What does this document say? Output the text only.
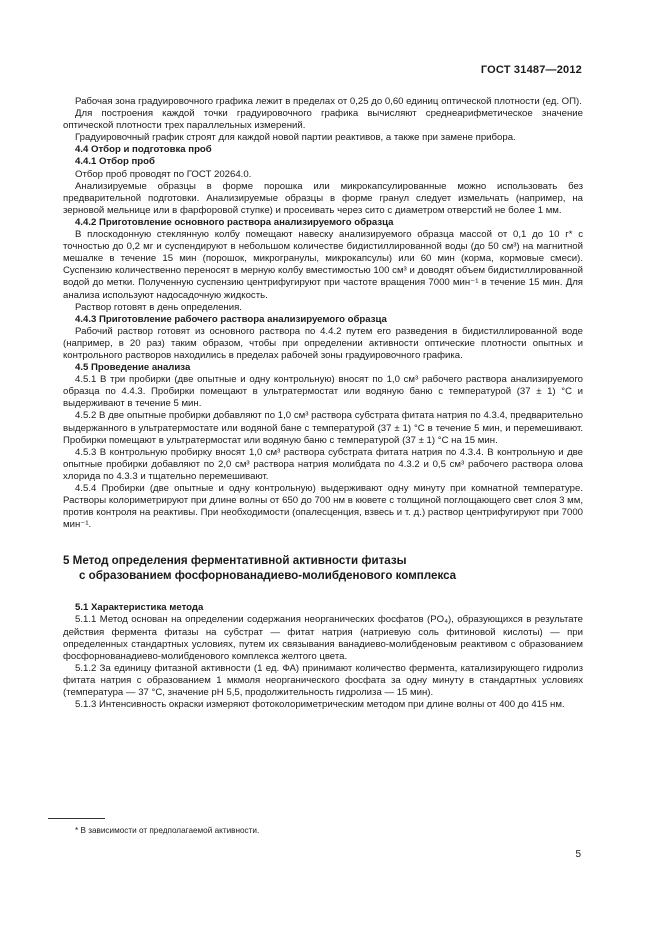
ГОСТ 31487—2012

Рабочая зона градуировочного графика лежит в пределах от 0,25 до 0,60 единиц оптической плотности (ед. ОП).

Для построения каждой точки градуировочного графика вычисляют среднеарифметическое значение оптической плотности трех параллельных измерений.

Градуировочный график строят для каждой новой партии реактивов, а также при замене прибора.

4.4 Отбор и подготовка проб

4.4.1 Отбор проб

Отбор проб проводят по ГОСТ 20264.0.

Анализируемые образцы в форме порошка или микрокапсулированные можно использовать без предварительной подготовки. Анализируемые образцы в форме гранул следует измельчать (например, на зерновой мельнице или в фарфоровой ступке) и просеивать через сито с диаметром отверстий не более 1 мм.

4.4.2 Приготовление основного раствора анализируемого образца

В плоскодонную стеклянную колбу помещают навеску анализируемого образца массой от 0,1 до 10 г* с точностью до 0,2 мг и суспендируют в небольшом количестве бидистиллированной воды (до 50 см³) на магнитной мешалке в течение 15 мин (порошок, микрогранулы, микрокапсулы) или 60 мин (корма, кормовые смеси). Суспензию количественно переносят в мерную колбу вместимостью 100 см³ и доводят объем бидистиллированной водой до метки. Полученную суспензию центрифугируют при частоте вращения 7000 мин⁻¹ в течение 15 мин. Для анализа используют надосадочную жидкость.

Раствор готовят в день определения.

4.4.3 Приготовление рабочего раствора анализируемого образца

Рабочий раствор готовят из основного раствора по 4.4.2 путем его разведения в бидистиллированной воде (например, в 20 раз) таким образом, чтобы при определении активности оптические плотности опытных и контрольного растворов находились в пределах рабочей зоны градуировочного графика.

4.5 Проведение анализа

4.5.1 В три пробирки (две опытные и одну контрольную) вносят по 1,0 см³ рабочего раствора анализируемого образца по 4.4.3. Пробирки помещают в ультратермостат или водяную баню с температурой (37 ± 1) °С и выдерживают в течение 5 мин.

4.5.2 В две опытные пробирки добавляют по 1,0 см³ раствора субстрата фитата натрия по 4.3.4, предварительно выдержанного в ультратермостате или водяной бане с температурой (37 ± 1) °С в течение 5 мин, и перемешивают. Пробирки помещают в ультратермостат или водяную баню с температурой (37 ± 1) °С на 15 мин.

4.5.3 В контрольную пробирку вносят 1,0 см³ раствора субстрата фитата натрия по 4.3.4. В контрольную и две опытные пробирки добавляют по 2,0 см³ раствора натрия молибдата по 4.3.2 и 0,5 см³ рабочего раствора олова хлорида по 4.3.3 и тщательно перемешивают.

4.5.4 Пробирки (две опытные и одну контрольную) выдерживают одну минуту при комнатной температуре. Растворы колориметрируют при длине волны от 650 до 700 нм в кювете с толщиной поглощающего свет слоя 3 мм, против контроля на реактивы. При необходимости (опалесценция, взвесь и т. д.) раствор центрифугируют при 7000 мин⁻¹.

5 Метод определения ферментативной активности фитазы
с образованием фосфорнованадиево-молибденового комплекса

5.1 Характеристика метода

5.1.1 Метод основан на определении содержания неорганических фосфатов (PO₄), образующихся в результате действия фермента фитазы на субстрат — фитат натрия (натриевую соль фитиновой кислоты) — при определенных стандартных условиях, путем их связывания ванадиево-молибденовым реактивом с образованием фосфорнованадиево-молибденового комплекса желтого цвета.

5.1.2 За единицу фитазной активности (1 ед. ФА) принимают количество фермента, катализирующего гидролиз фитата натрия с образованием 1 мкмоля неорганического фосфата за одну минуту в стандартных условиях (температура — 37 °С, значение рН 5,5, продолжительность гидролиза — 15 мин).

5.1.3 Интенсивность окраски измеряют фотоколориметрическим методом при длине волны от 400 до 415 нм.

* В зависимости от предполагаемой активности.
5
